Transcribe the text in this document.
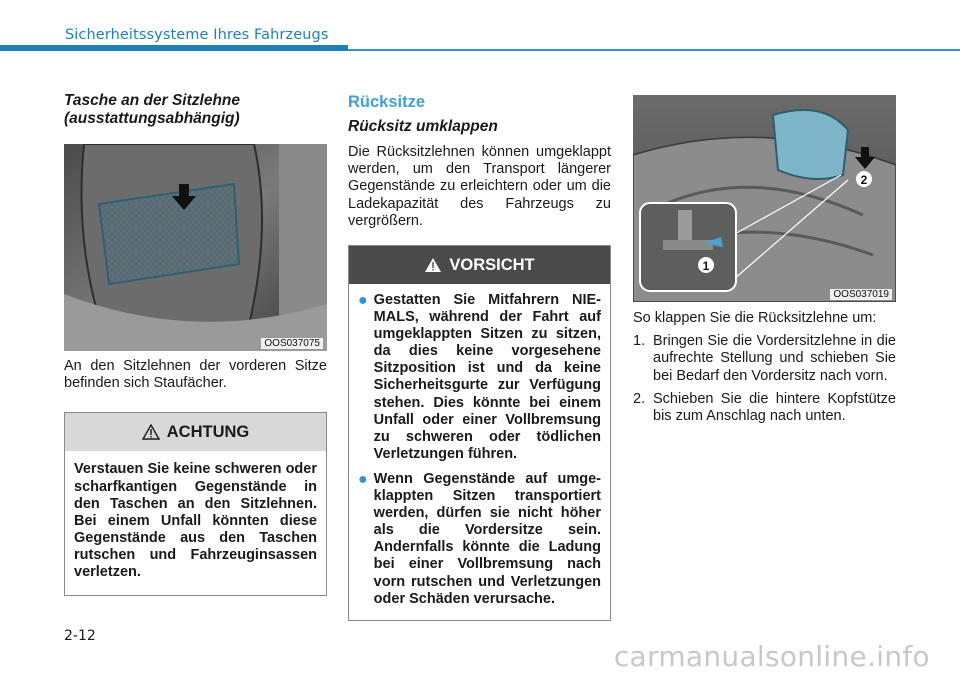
Sicherheitssysteme Ihres Fahrzeugs

Tasche an der Sitzlehne (ausstattungsabhängig)

OOS037075

An den Sitzlehnen der vorderen Sitze befinden sich Staufächer.

ACHTUNG
Verstauen Sie keine schweren oder scharfkantigen Gegenstände in den Taschen an den Sitzlehnen. Bei einem Unfall könnten diese Gegenstände aus den Taschen rutschen und Fahrzeuginsassen verletzen.

Rücksitze

Rücksitz umklappen

Die Rücksitzlehnen können umgeklappt werden, um den Transport längerer Gegenstände zu erleichtern oder um die Ladekapazität des Fahrzeugs zu vergrößern.

VORSICHT
● Gestatten Sie Mitfahrern NIEMALS, während der Fahrt auf umgeklappten Sitzen zu sitzen, da dies keine vorgesehene Sitzposition ist und da keine Sicherheitsgurte zur Verfügung stehen. Dies könnte bei einem Unfall oder einer Vollbremsung zu schweren oder tödlichen Verletzungen führen.
● Wenn Gegenstände auf umgeklappten Sitzen transportiert werden, dürfen sie nicht höher als die Vordersitze sein. Andernfalls könnte die Ladung bei einer Vollbremsung nach vorn rutschen und Verletzungen oder Schäden verursache.
1
2
OOS037019

So klappen Sie die Rücksitzlehne um:

1. Bringen Sie die Vordersitzlehne in die aufrechte Stellung und schieben Sie bei Bedarf den Vordersitz nach vorn.
2. Schieben Sie die hintere Kopfstütze bis zum Anschlag nach unten.
2-12
carmanualsonline.info
